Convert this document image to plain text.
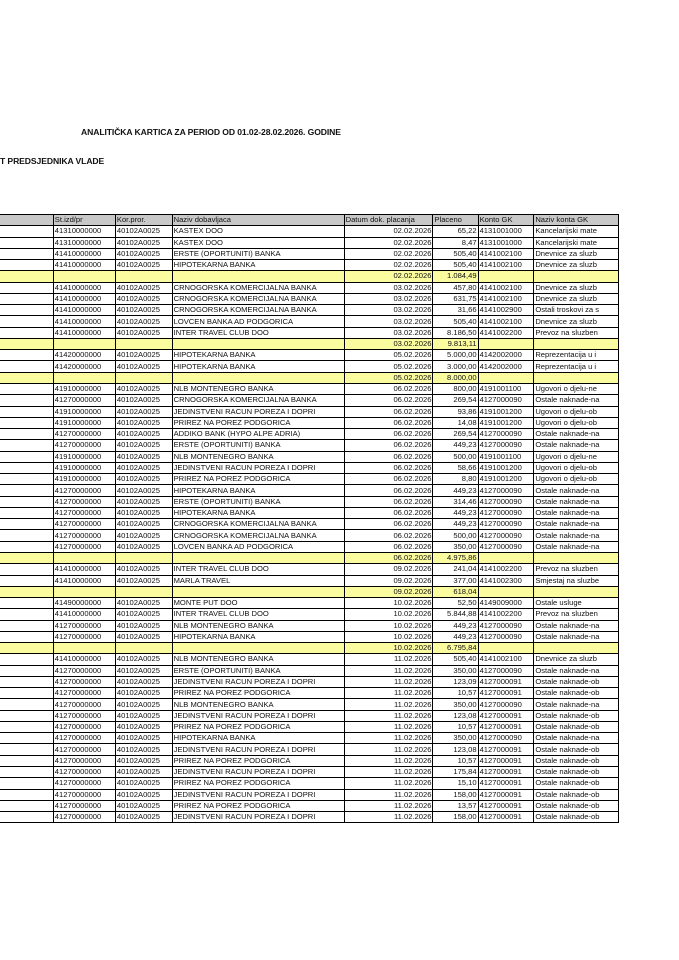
ANALITIČKA KARTICA ZA PERIOD OD 01.02-28.02.2026. GODINE
T PREDSJEDNIKA VLADE
	St.izd/pr	Kor.pror.	Naziv dobavljaca	Datum dok. placanja	Placeno	Konto GK	Naziv konta GK
	41310000000	40102A0025	KASTEX DOO	02.02.2026	65,22	4131001000	Kancelarijski mate
	41310000000	40102A0025	KASTEX DOO	02.02.2026	8,47	4131001000	Kancelarijski mate
	41410000000	40102A0025	ERSTE (OPORTUNITI) BANKA	02.02.2026	505,40	4141002100	Dnevnice za sluzb
	41410000000	40102A0025	HIPOTEKARNA BANKA	02.02.2026	505,40	4141002100	Dnevnice za sluzb
				02.02.2026	1.084,49		
	41410000000	40102A0025	CRNOGORSKA KOMERCIJALNA BANKA	03.02.2026	457,80	4141002100	Dnevnice za sluzb
	41410000000	40102A0025	CRNOGORSKA KOMERCIJALNA BANKA	03.02.2026	631,75	4141002100	Dnevnice za sluzb
	41410000000	40102A0025	CRNOGORSKA KOMERCIJALNA BANKA	03.02.2026	31,66	4141002900	Ostali troskovi za s
	41410000000	40102A0025	LOVCEN BANKA AD PODGORICA	03.02.2026	505,40	4141002100	Dnevnice za sluzb
	41410000000	40102A0025	INTER TRAVEL CLUB DOO	03.02.2026	8.186,50	4141002200	Prevoz na sluzben
				03.02.2026	9.813,11		
	41420000000	40102A0025	HIPOTEKARNA BANKA	05.02.2026	5.000,00	4142002000	Reprezentacija u i
	41420000000	40102A0025	HIPOTEKARNA BANKA	05.02.2026	3.000,00	4142002000	Reprezentacija u i
				05.02.2026	8.000,00		
	41910000000	40102A0025	NLB MONTENEGRO BANKA	06.02.2026	800,00	4191001100	Ugovori o djelu-ne
	41270000000	40102A0025	CRNOGORSKA KOMERCIJALNA BANKA	06.02.2026	269,54	4127000090	Ostale naknade-na
	41910000000	40102A0025	JEDINSTVENI RACUN POREZA I DOPRI	06.02.2026	93,86	4191001200	Ugovori o djelu-ob
	41910000000	40102A0025	PRIREZ NA POREZ PODGORICA	06.02.2026	14,08	4191001200	Ugovori o djelu-ob
	41270000000	40102A0025	ADDIKO BANK (HYPO ALPE ADRIA)	06.02.2026	269,54	4127000090	Ostale naknade-na
	41270000000	40102A0025	ERSTE (OPORTUNITI) BANKA	06.02.2026	449,23	4127000090	Ostale naknade-na
	41910000000	40102A0025	NLB MONTENEGRO BANKA	06.02.2026	500,00	4191001100	Ugovori o djelu-ne
	41910000000	40102A0025	JEDINSTVENI RACUN POREZA I DOPRI	06.02.2026	58,66	4191001200	Ugovori o djelu-ob
	41910000000	40102A0025	PRIREZ NA POREZ PODGORICA	06.02.2026	8,80	4191001200	Ugovori o djelu-ob
	41270000000	40102A0025	HIPOTEKARNA BANKA	06.02.2026	449,23	4127000090	Ostale naknade-na
	41270000000	40102A0025	ERSTE (OPORTUNITI) BANKA	06.02.2026	314,46	4127000090	Ostale naknade-na
	41270000000	40102A0025	HIPOTEKARNA BANKA	06.02.2026	449,23	4127000090	Ostale naknade-na
	41270000000	40102A0025	CRNOGORSKA KOMERCIJALNA BANKA	06.02.2026	449,23	4127000090	Ostale naknade-na
	41270000000	40102A0025	CRNOGORSKA KOMERCIJALNA BANKA	06.02.2026	500,00	4127000090	Ostale naknade-na
	41270000000	40102A0025	LOVCEN BANKA AD PODGORICA	06.02.2026	350,00	4127000090	Ostale naknade-na
				06.02.2026	4.975,86		
	41410000000	40102A0025	INTER TRAVEL CLUB DOO	09.02.2026	241,04	4141002200	Prevoz na sluzben
	41410000000	40102A0025	MARLA TRAVEL	09.02.2026	377,00	4141002300	Smjestaj na sluzbe
				09.02.2026	618,04		
	41490000000	40102A0025	MONTE PUT DOO	10.02.2026	52,50	4149009000	Ostale usluge
	41410000000	40102A0025	INTER TRAVEL CLUB DOO	10.02.2026	5.844,88	4141002200	Prevoz na sluzben
	41270000000	40102A0025	NLB MONTENEGRO BANKA	10.02.2026	449,23	4127000090	Ostale naknade-na
	41270000000	40102A0025	HIPOTEKARNA BANKA	10.02.2026	449,23	4127000090	Ostale naknade-na
				10.02.2026	6.795,84		
	41410000000	40102A0025	NLB MONTENEGRO BANKA	11.02.2026	505,40	4141002100	Dnevnice za sluzb
	41270000000	40102A0025	ERSTE (OPORTUNITI) BANKA	11.02.2026	350,00	4127000090	Ostale naknade-na
	41270000000	40102A0025	JEDINSTVENI RACUN POREZA I DOPRI	11.02.2026	123,09	4127000091	Ostale naknade-ob
	41270000000	40102A0025	PRIREZ NA POREZ PODGORICA	11.02.2026	10,57	4127000091	Ostale naknade-ob
	41270000000	40102A0025	NLB MONTENEGRO BANKA	11.02.2026	350,00	4127000090	Ostale naknade-na
	41270000000	40102A0025	JEDINSTVENI RACUN POREZA I DOPRI	11.02.2026	123,08	4127000091	Ostale naknade-ob
	41270000000	40102A0025	PRIREZ NA POREZ PODGORICA	11.02.2026	10,57	4127000091	Ostale naknade-ob
	41270000000	40102A0025	HIPOTEKARNA BANKA	11.02.2026	350,00	4127000090	Ostale naknade-na
	41270000000	40102A0025	JEDINSTVENI RACUN POREZA I DOPRI	11.02.2026	123,08	4127000091	Ostale naknade-ob
	41270000000	40102A0025	PRIREZ NA POREZ PODGORICA	11.02.2026	10,57	4127000091	Ostale naknade-ob
	41270000000	40102A0025	JEDINSTVENI RACUN POREZA I DOPRI	11.02.2026	175,84	4127000091	Ostale naknade-ob
	41270000000	40102A0025	PRIREZ NA POREZ PODGORICA	11.02.2026	15,10	4127000091	Ostale naknade-ob
	41270000000	40102A0025	JEDINSTVENI RACUN POREZA I DOPRI	11.02.2026	158,00	4127000091	Ostale naknade-ob
	41270000000	40102A0025	PRIREZ NA POREZ PODGORICA	11.02.2026	13,57	4127000091	Ostale naknade-ob
	41270000000	40102A0025	JEDINSTVENI RACUN POREZA I DOPRI	11.02.2026	158,00	4127000091	Ostale naknade-ob
